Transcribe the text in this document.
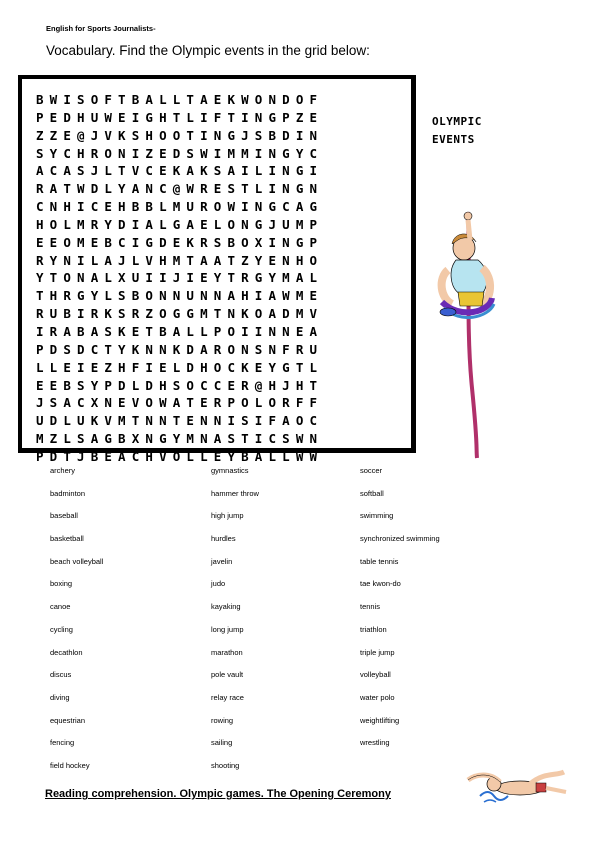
English for Sports Journalists-
Vocabulary. Find the Olympic events in the grid below:
BWISOFTBALLTAEKWONDOF
PEDHUWEIGHTLIFTINGPZE
ZZE@JVKSHOOTINGJSBDIN
SYCHRONIZEDSWIMMINGYC
ACASJLTVCEKAKSAILINGI
RATWDLYANC@WRESTLINGN
CNHICEHBBLMUROWINGCAG
HOLMRYDIALGAELONGJUMP
EEOMEBCIGDEKRSBOXINGP
RYNILAJLVHMTAATZYENHO
YTONALXUIIJIEYTRGYMAL
THRGYLSBONNUNNAHIAWME
RUBIRKSRZOGGMTNKOADMV
IRABASKETBALLPOIINNEA
PDSDCTYKNNKDARONSNFRU
LLEIEZHFIELDHOCKEYGTL
EEBSYPDLDHSOCCER@HJHT
JSACXNEVOWATERPOLORFF
UDLUKVMTNNTENNISIFAOC
MZLSAGBXNGYMNASTICSWN
PDTJBEACHVOLLEYBALLWW
OLYMPIC
EVENTS
archery
badminton
baseball
basketball
beach volleyball
boxing
canoe
cycling
decathlon
discus
diving
equestrian
fencing
field hockey
gymnastics
hammer throw
high jump
hurdles
javelin
judo
kayaking
long jump
marathon
pole vault
relay race
rowing
sailing
shooting
soccer
softball
swimming
synchronized swimming
table tennis
tae kwon-do
tennis
triathlon
triple jump
volleyball
water polo
weightlifting
wrestling
Reading comprehension. Olympic games. The Opening Ceremony
